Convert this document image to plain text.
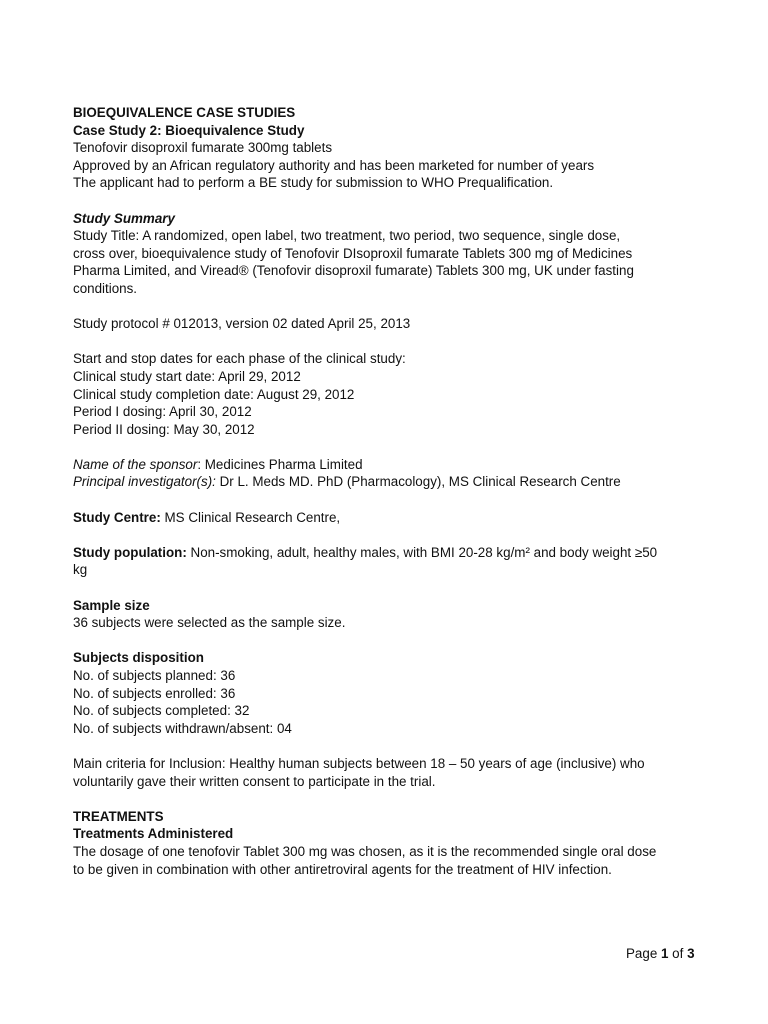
BIOEQUIVALENCE CASE STUDIES
Case Study 2: Bioequivalence Study
Tenofovir disoproxil fumarate 300mg tablets
Approved by an African regulatory authority and has been marketed for number of years
The applicant had to perform a BE study for submission to WHO Prequalification.
Study Summary
Study Title: A randomized, open label, two treatment, two period, two sequence, single dose,
cross over, bioequivalence study of Tenofovir DIsoproxil fumarate Tablets 300 mg of Medicines
Pharma Limited, and Viread® (Tenofovir disoproxil fumarate) Tablets 300 mg, UK under fasting
conditions.
Study protocol # 012013, version 02 dated April 25, 2013
Start and stop dates for each phase of the clinical study:
Clinical study start date: April 29, 2012
Clinical study completion date: August 29, 2012
Period I dosing: April 30, 2012
Period II dosing: May 30, 2012
Name of the sponsor: Medicines Pharma Limited
Principal investigator(s): Dr L. Meds MD. PhD (Pharmacology), MS Clinical Research Centre
Study Centre: MS Clinical Research Centre,
Study population: Non-smoking, adult, healthy males, with BMI 20-28 kg/m² and body weight ≥50
kg
Sample size
36 subjects were selected as the sample size.
Subjects disposition
No. of subjects planned: 36
No. of subjects enrolled: 36
No. of subjects completed: 32
No. of subjects withdrawn/absent: 04
Main criteria for Inclusion: Healthy human subjects between 18 – 50 years of age (inclusive) who
voluntarily gave their written consent to participate in the trial.
TREATMENTS
Treatments Administered
The dosage of one tenofovir Tablet 300 mg was chosen, as it is the recommended single oral dose
to be given in combination with other antiretroviral agents for the treatment of HIV infection.
Page 1 of 3
